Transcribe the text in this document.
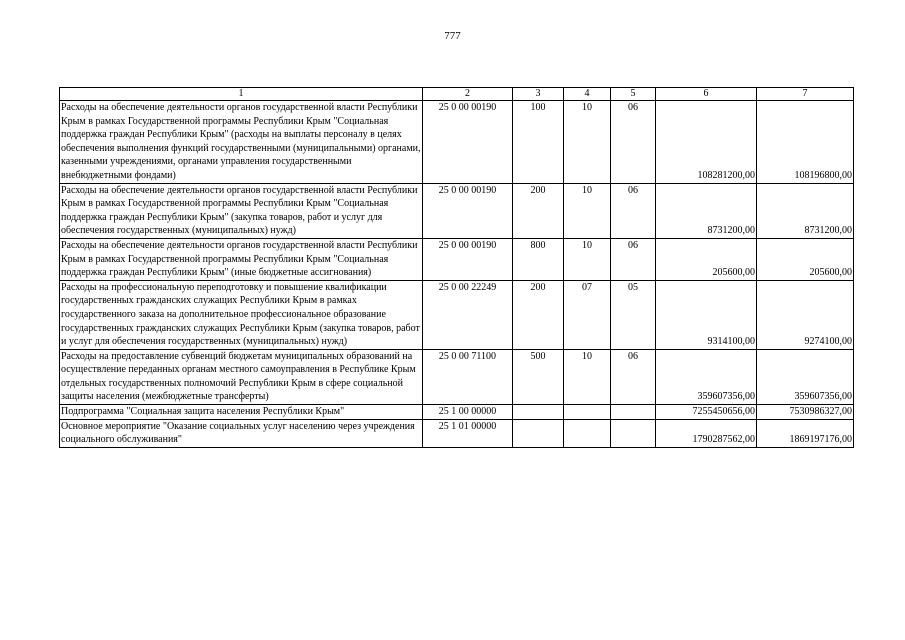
777
1	2	3	4	5	6	7
Расходы на обеспечение деятельности органов государственной власти Республики Крым в рамках Государственной программы Республики Крым "Социальная поддержка граждан Республики Крым" (расходы на выплаты персоналу в целях обеспечения выполнения функций государственными (муниципальными) органами, казенными учреждениями, органами управления государственными внебюджетными фондами)	25 0 00 00190	100	10	06	108281200,00	108196800,00
Расходы на обеспечение деятельности органов государственной власти Республики Крым в рамках Государственной программы Республики Крым "Социальная поддержка граждан Республики Крым" (закупка товаров, работ и услуг для обеспечения государственных (муниципальных) нужд)	25 0 00 00190	200	10	06	8731200,00	8731200,00
Расходы на обеспечение деятельности органов государственной власти Республики Крым в рамках Государственной программы Республики Крым "Социальная поддержка граждан Республики Крым" (иные бюджетные ассигнования)	25 0 00 00190	800	10	06	205600,00	205600,00
Расходы на профессиональную переподготовку и повышение квалификации государственных гражданских служащих Республики Крым в рамках государственного заказа на дополнительное профессиональное образование государственных гражданских служащих Республики Крым (закупка товаров, работ и услуг для обеспечения государственных (муниципальных) нужд)	25 0 00 22249	200	07	05	9314100,00	9274100,00
Расходы на предоставление субвенций бюджетам муниципальных образований на осуществление переданных органам местного самоуправления в Республике Крым отдельных государственных полномочий Республики Крым в сфере социальной защиты населения (межбюджетные трансферты)	25 0 00 71100	500	10	06	359607356,00	359607356,00
Подпрограмма "Социальная защита населения Республики Крым"	25 1 00 00000				7255450656,00	7530986327,00
Основное мероприятие "Оказание социальных услуг населению через учреждения социального обслуживания"	25 1 01 00000				1790287562,00	1869197176,00
